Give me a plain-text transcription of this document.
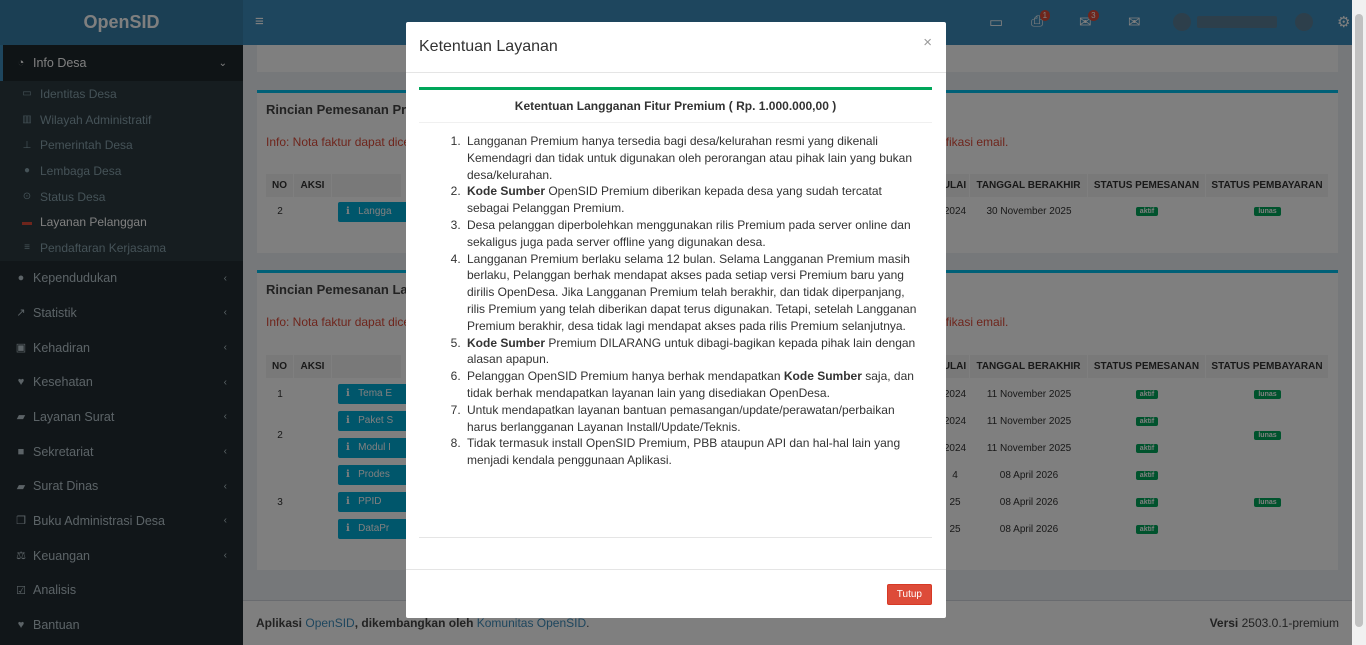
Ketentuan Layanan	×
Ketentuan Langganan Fitur Premium ( Rp. 1.000.000,00 )
1. Langganan Premium hanya tersedia bagi desa/kelurahan resmi yang dikenali Kemendagri dan tidak untuk digunakan oleh perorangan atau pihak lain yang bukan desa/kelurahan.
2. Kode Sumber OpenSID Premium diberikan kepada desa yang sudah tercatat sebagai Pelanggan Premium.
3. Desa pelanggan diperbolehkan menggunakan rilis Premium pada server online dan sekaligus juga pada server offline yang digunakan desa.
4. Langganan Premium berlaku selama 12 bulan. Selama Langganan Premium masih berlaku, Pelanggan berhak mendapat akses pada setiap versi Premium baru yang dirilis OpenDesa. Jika Langganan Premium telah berakhir, dan tidak diperpanjang, rilis Premium yang telah diberikan dapat terus digunakan. Tetapi, setelah Langganan Premium berakhir, desa tidak lagi mendapat akses pada rilis Premium selanjutnya.
5. Kode Sumber Premium DILARANG untuk dibagi-bagikan kepada pihak lain dengan alasan apapun.
6. Pelanggan OpenSID Premium hanya berhak mendapatkan Kode Sumber saja, dan tidak berhak mendapatkan layanan lain yang disediakan OpenDesa.
7. Untuk mendapatkan layanan bantuan pemasangan/update/perawatan/perbaikan harus berlangganan Layanan Install/Update/Teknis.
8. Tidak termasuk install OpenSID Premium, PBB ataupun API dan hal-hal lain yang menjadi kendala penggunaan Aplikasi.
Tutup
